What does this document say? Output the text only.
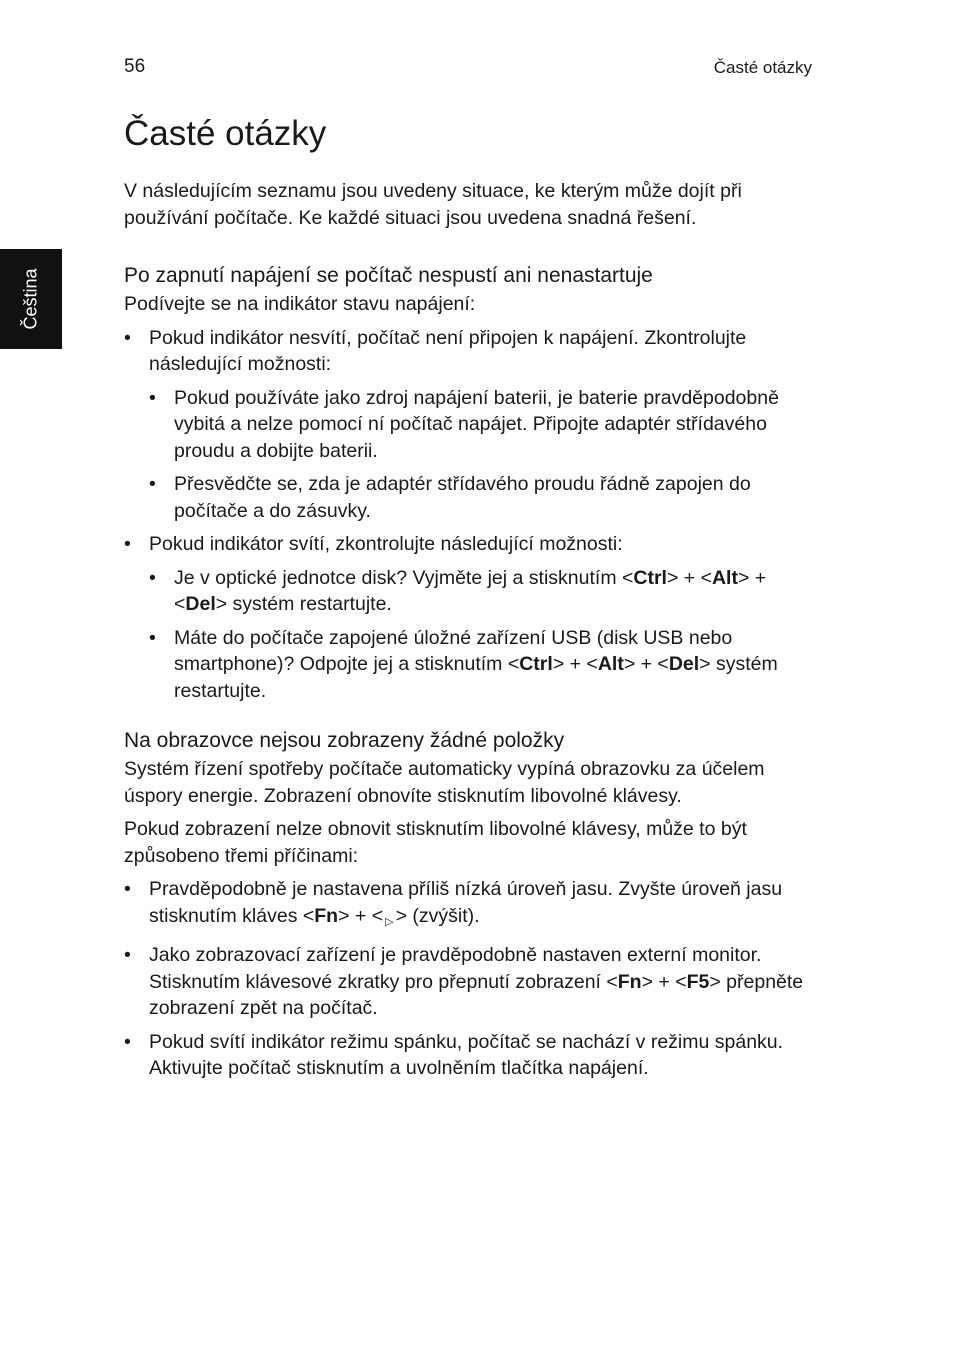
56	Časté otázky
Čeština
Časté otázky

V následujícím seznamu jsou uvedeny situace, ke kterým může dojít při používání počítače. Ke každé situaci jsou uvedena snadná řešení.

Po zapnutí napájení se počítač nespustí ani nenastartuje

Podívejte se na indikátor stavu napájení:

• Pokud indikátor nesvítí, počítač není připojen k napájení. Zkontrolujte následující možnosti:
• Pokud používáte jako zdroj napájení baterii, je baterie pravděpodobně vybitá a nelze pomocí ní počítač napájet. Připojte adaptér střídavého proudu a dobijte baterii.
• Přesvědčte se, zda je adaptér střídavého proudu řádně zapojen do počítače a do zásuvky.
• Pokud indikátor svítí, zkontrolujte následující možnosti:
• Je v optické jednotce disk? Vyjměte jej a stisknutím <Ctrl> + <Alt> + <Del> systém restartujte.
• Máte do počítače zapojené úložné zařízení USB (disk USB nebo smartphone)? Odpojte jej a stisknutím <Ctrl> + <Alt> + <Del> systém restartujte.
Na obrazovce nejsou zobrazeny žádné položky

Systém řízení spotřeby počítače automaticky vypíná obrazovku za účelem úspory energie. Zobrazení obnovíte stisknutím libovolné klávesy.

Pokud zobrazení nelze obnovit stisknutím libovolné klávesy, může to být způsobeno třemi příčinami:

• Pravděpodobně je nastavena příliš nízká úroveň jasu. Zvyšte úroveň jasu stisknutím kláves <Fn> + < ▷ > (zvýšit).
• Jako zobrazovací zařízení je pravděpodobně nastaven externí monitor. Stisknutím klávesové zkratky pro přepnutí zobrazení <Fn> + <F5> přepněte zobrazení zpět na počítač.
• Pokud svítí indikátor režimu spánku, počítač se nachází v režimu spánku. Aktivujte počítač stisknutím a uvolněním tlačítka napájení.
